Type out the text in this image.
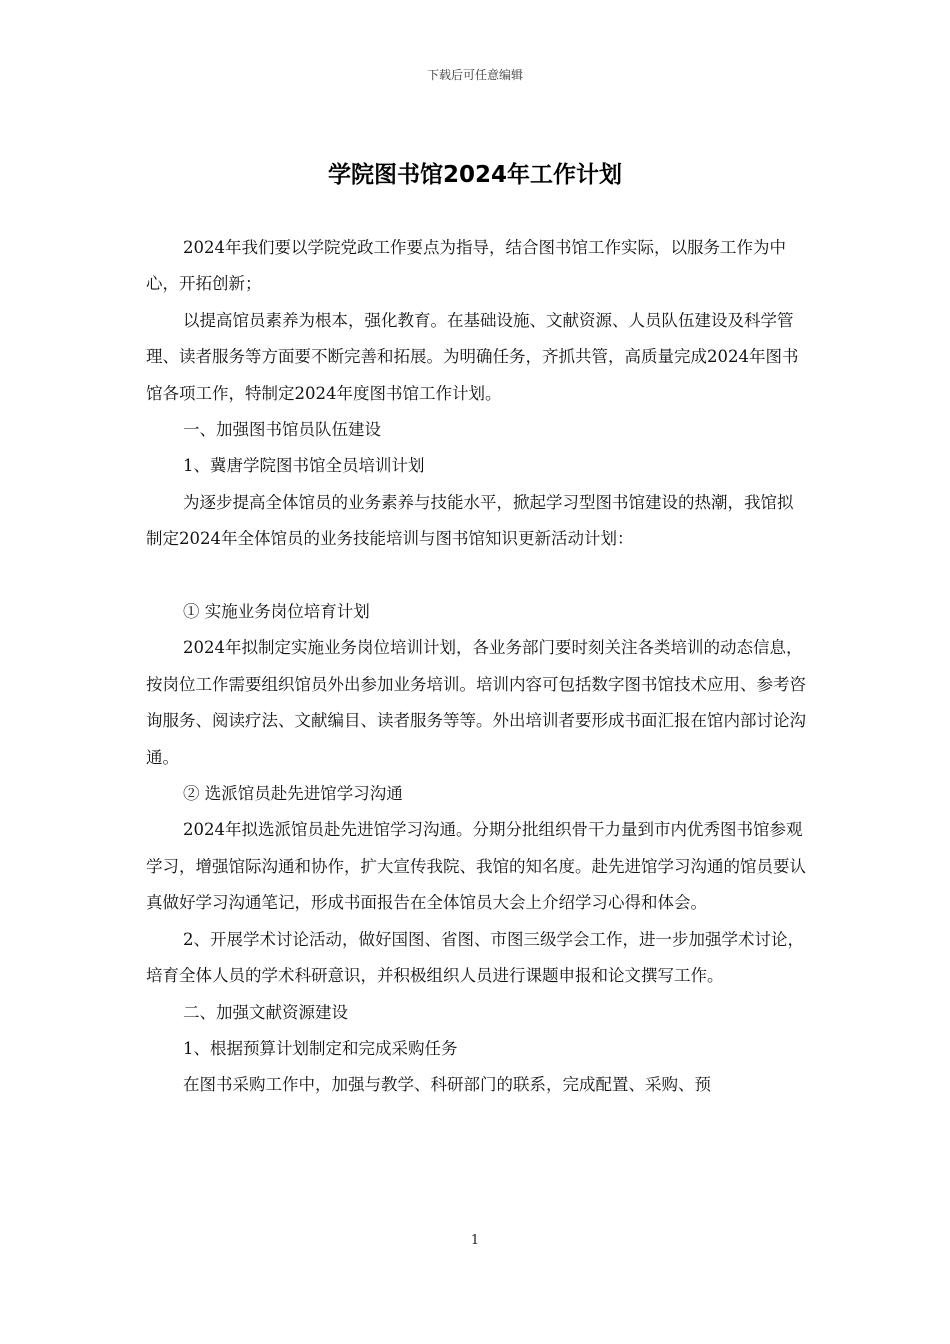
下载后可任意编辑
学院图书馆2024年工作计划

2024年我们要以学院党政工作要点为指导，结合图书馆工作实际，以服务工作为中心，开拓创新；

以提高馆员素养为根本，强化教育。在基础设施、文献资源、人员队伍建设及科学管理、读者服务等方面要不断完善和拓展。为明确任务，齐抓共管，高质量完成2024年图书馆各项工作，特制定2024年度图书馆工作计划。

一、加强图书馆员队伍建设

1、冀唐学院图书馆全员培训计划

为逐步提高全体馆员的业务素养与技能水平，掀起学习型图书馆建设的热潮，我馆拟制定2024年全体馆员的业务技能培训与图书馆知识更新活动计划：

① 实施业务岗位培育计划

2024年拟制定实施业务岗位培训计划，各业务部门要时刻关注各类培训的动态信息，按岗位工作需要组织馆员外出参加业务培训。培训内容可包括数字图书馆技术应用、参考咨询服务、阅读疗法、文献编目、读者服务等等。外出培训者要形成书面汇报在馆内部讨论沟通。

② 选派馆员赴先进馆学习沟通

2024年拟选派馆员赴先进馆学习沟通。分期分批组织骨干力量到市内优秀图书馆参观学习，增强馆际沟通和协作，扩大宣传我院、我馆的知名度。赴先进馆学习沟通的馆员要认真做好学习沟通笔记，形成书面报告在全体馆员大会上介绍学习心得和体会。

2、开展学术讨论活动，做好国图、省图、市图三级学会工作，进一步加强学术讨论，培育全体人员的学术科研意识，并积极组织人员进行课题申报和论文撰写工作。

二、加强文献资源建设

1、根据预算计划制定和完成采购任务

在图书采购工作中，加强与教学、科研部门的联系，完成配置、采购、预

1
